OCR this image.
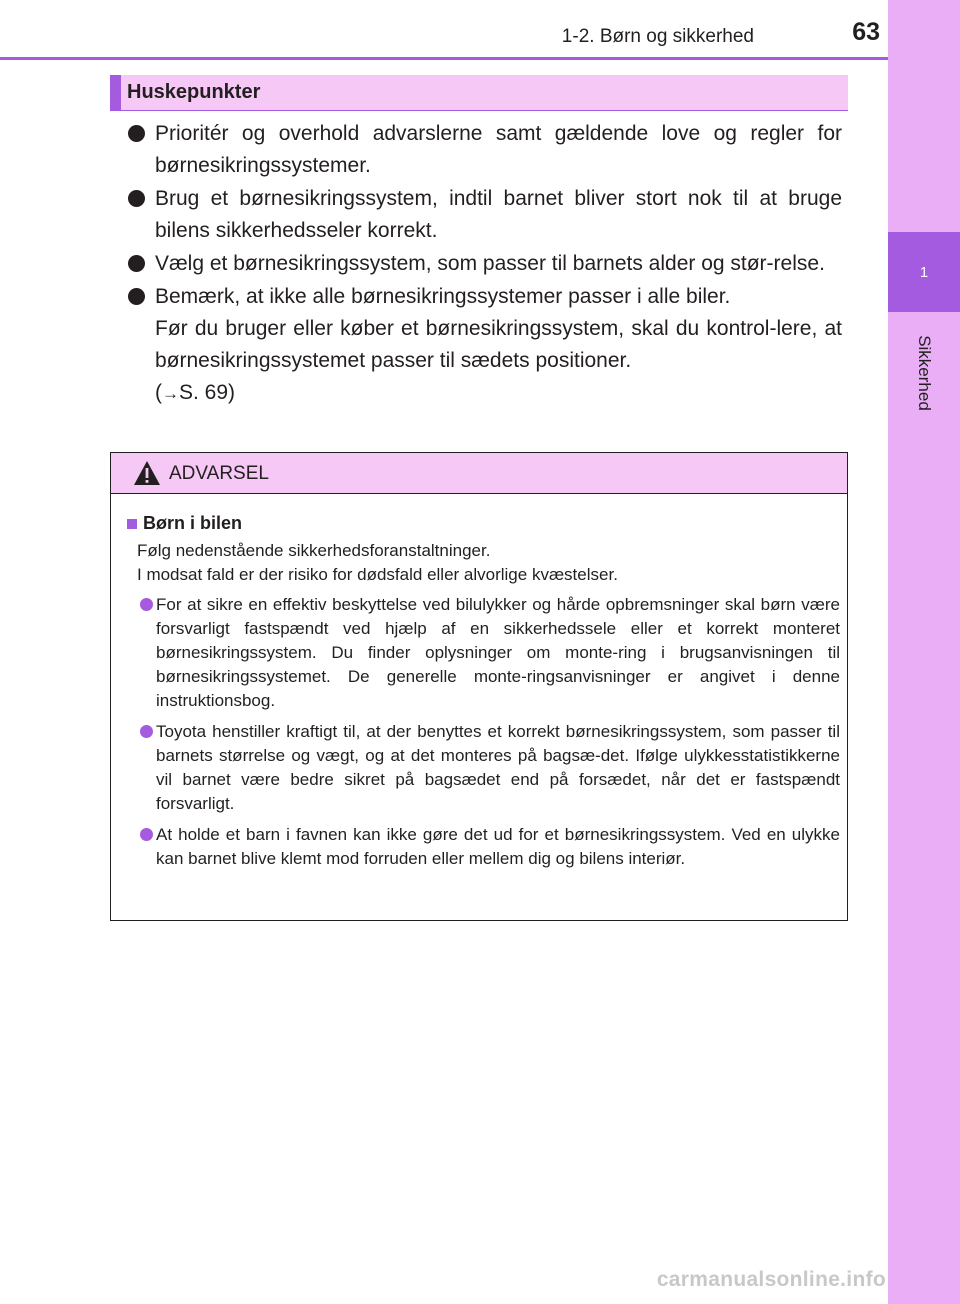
1
Sikkerhed
1-2. Børn og sikkerhed	63
Huskepunkter
Prioritér og overhold advarslerne samt gældende love og regler for børnesikringssystemer.
Brug et børnesikringssystem, indtil barnet bliver stort nok til at bruge bilens sikkerhedsseler korrekt.
Vælg et børnesikringssystem, som passer til barnets alder og stør-relse.
Bemærk, at ikke alle børnesikringssystemer passer i alle biler.
Før du bruger eller køber et børnesikringssystem, skal du kontrol-lere, at børnesikringssystemet passer til sædets positioner.
(→S. 69)
ADVARSEL
Børn i bilen
Følg nedenstående sikkerhedsforanstaltninger.
I modsat fald er der risiko for dødsfald eller alvorlige kvæstelser.
For at sikre en effektiv beskyttelse ved bilulykker og hårde opbremsninger skal børn være forsvarligt fastspændt ved hjælp af en sikkerhedssele eller et korrekt monteret børnesikringssystem. Du finder oplysninger om monte-ring i brugsanvisningen til børnesikringssystemet. De generelle monte-ringsanvisninger er angivet i denne instruktionsbog.
Toyota henstiller kraftigt til, at der benyttes et korrekt børnesikringssystem, som passer til barnets størrelse og vægt, og at det monteres på bagsæ-det. Ifølge ulykkesstatistikkerne vil barnet være bedre sikret på bagsædet end på forsædet, når det er fastspændt forsvarligt.
At holde et barn i favnen kan ikke gøre det ud for et børnesikringssystem. Ved en ulykke kan barnet blive klemt mod forruden eller mellem dig og bilens interiør.
carmanualsonline.info
